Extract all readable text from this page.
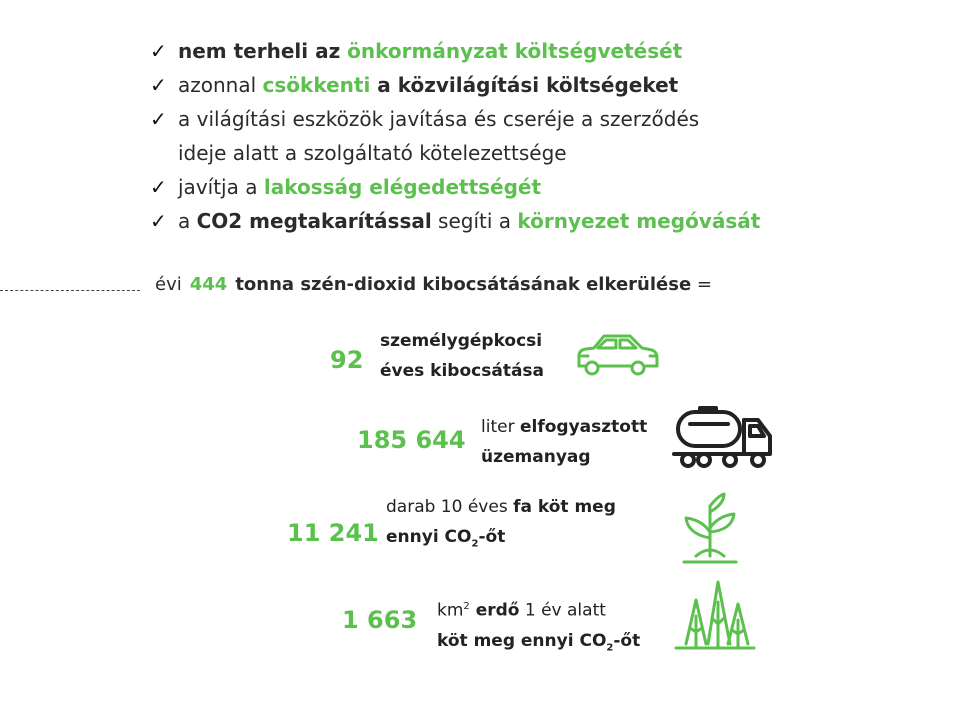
✓ nem terheli az önkormányzat költségvetését
✓ azonnal csökkenti a közvilágítási költségeket
✓ a világítási eszközök javítása és cseréje a szerződés
ideje alatt a szolgáltató kötelezettsége
✓ javítja a lakosság elégedettségét
✓ a CO2 megtakarítással segíti a környezet megóvását
évi 444 tonna szén-dioxid kibocsátásának elkerülése =
92
személygépkocsi
éves kibocsátása
185 644 liter elfogyasztott
üzemanyag
11 241
darab 10 éves fa köt meg
ennyi $CO_2-őt$
1 663 $km^2$ erdő 1 év alatt
köt meg ennyi $CO_2-őt$
